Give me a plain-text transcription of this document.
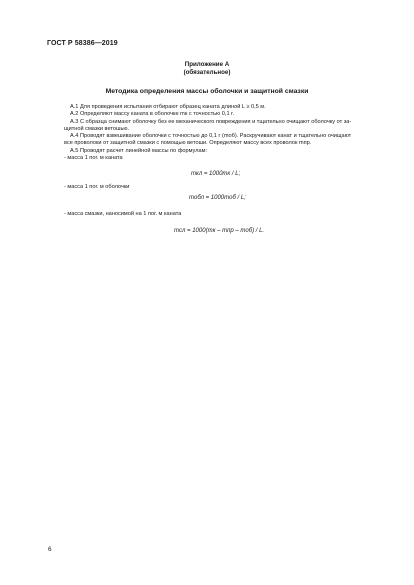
ГОСТ Р 58386—2019
Приложение А
(обязательное)
Методика определения массы оболочки и защитной смазки

А.1 Для проведения испытания отбирают образец каната длиной L ≥ 0,5 м.

А.2 Определяют массу каната в оболочке mк с точностью 0,1 г.

А.3 С образца снимают оболочку без ее механического повреждения и тщательно очищают оболочку от за-

щитной смазки ветошью.

А.4 Проводят взвешивание оболочки с точностью до 0,1 г (mоб). Раскручивают канат и тщательно очищают

все проволоки от защитной смазки с помощью ветоши. Определяют массу всех проволок mпр.

А.5 Проводят расчет линейной массы по формулам:

- масса 1 пог. м каната

mкл = 1000mк / L;

- масса 1 пог. м оболочки

mобл = 1000mоб / L;

- масса смазки, наносимой на 1 пог. м каната

mсл = 1000(mк – mпр – mоб) / L.
6
